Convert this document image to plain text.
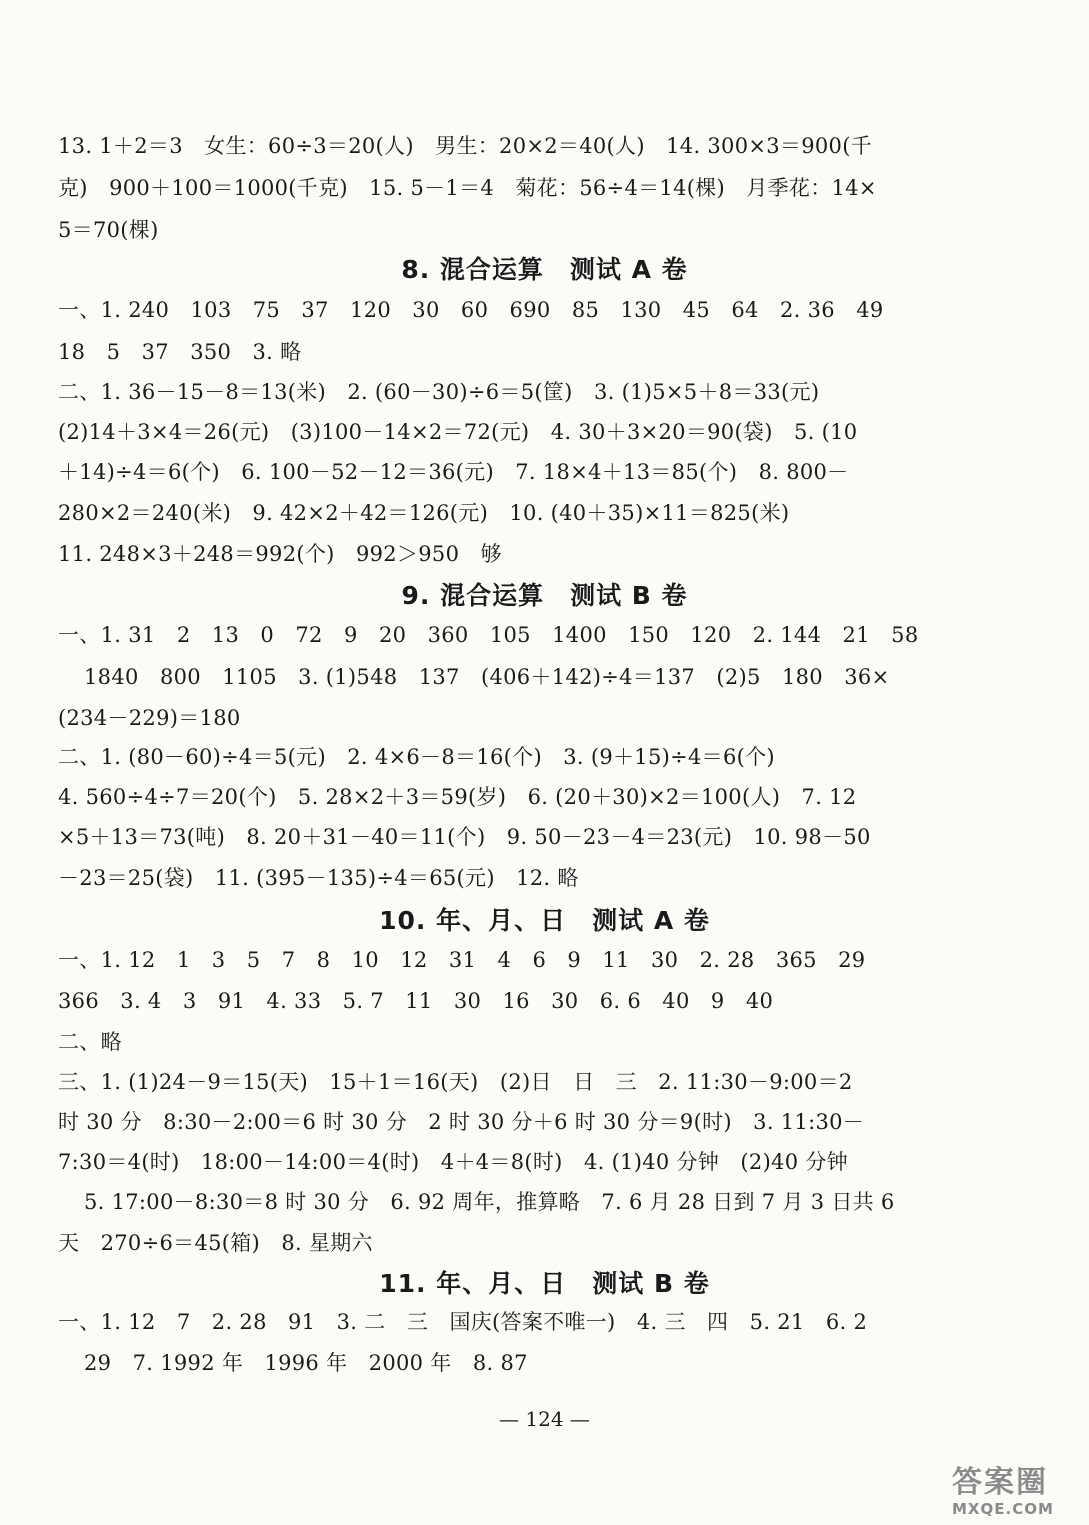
13. 1＋2＝3　女生：60÷3＝20(人)　男生：20×2＝40(人)　14. 300×3＝900(千
克)　900＋100＝1000(千克)　15. 5－1＝4　菊花：56÷4＝14(棵)　月季花：14×
5＝70(棵)
8. 混合运算　测试 A 卷
一、1. 240　103　75　37　120　30　60　690　85　130　45　64　2. 36　49
18　5　37　350　3. 略
二、1. 36－15－8＝13(米)　2. (60－30)÷6＝5(筐)　3. (1)5×5＋8＝33(元)
(2)14＋3×4＝26(元)　(3)100－14×2＝72(元)　4. 30＋3×20＝90(袋)　5. (10
＋14)÷4＝6(个)　6. 100－52－12＝36(元)　7. 18×4＋13＝85(个)　8. 800－
280×2＝240(米)　9. 42×2＋42＝126(元)　10. (40＋35)×11＝825(米)
11. 248×3＋248＝992(个)　992＞950　够
9. 混合运算　测试 B 卷
一、1. 31　2　13　0　72　9　20　360　105　1400　150　120　2. 144　21　58
1840　800　1105　3. (1)548　137　(406＋142)÷4＝137　(2)5　180　36×
(234－229)＝180
二、1. (80－60)÷4＝5(元)　2. 4×6－8＝16(个)　3. (9＋15)÷4＝6(个)
4. 560÷4÷7＝20(个)　5. 28×2＋3＝59(岁)　6. (20＋30)×2＝100(人)　7. 12
×5＋13＝73(吨)　8. 20＋31－40＝11(个)　9. 50－23－4＝23(元)　10. 98－50
－23＝25(袋)　11. (395－135)÷4＝65(元)　12. 略
10. 年、月、日　测试 A 卷
一、1. 12　1　3　5　7　8　10　12　31　4　6　9　11　30　2. 28　365　29
366　3. 4　3　91　4. 33　5. 7　11　30　16　30　6. 6　40　9　40
二、略
三、1. (1)24－9＝15(天)　15＋1＝16(天)　(2)日　日　三　2. 11:30－9:00＝2
时 30 分　8:30－2:00＝6 时 30 分　2 时 30 分＋6 时 30 分＝9(时)　3. 11:30－
7:30＝4(时)　18:00－14:00＝4(时)　4＋4＝8(时)　4. (1)40 分钟　(2)40 分钟
5. 17:00－8:30＝8 时 30 分　6. 92 周年，推算略　7. 6 月 28 日到 7 月 3 日共 6
天　270÷6＝45(箱)　8. 星期六
11. 年、月、日　测试 B 卷
一、1. 12　7　2. 28　91　3. 二　三　国庆(答案不唯一)　4. 三　四　5. 21　6. 2
29　7. 1992 年　1996 年　2000 年　8. 87
— 124 —
答案圈
MXQE.COM
